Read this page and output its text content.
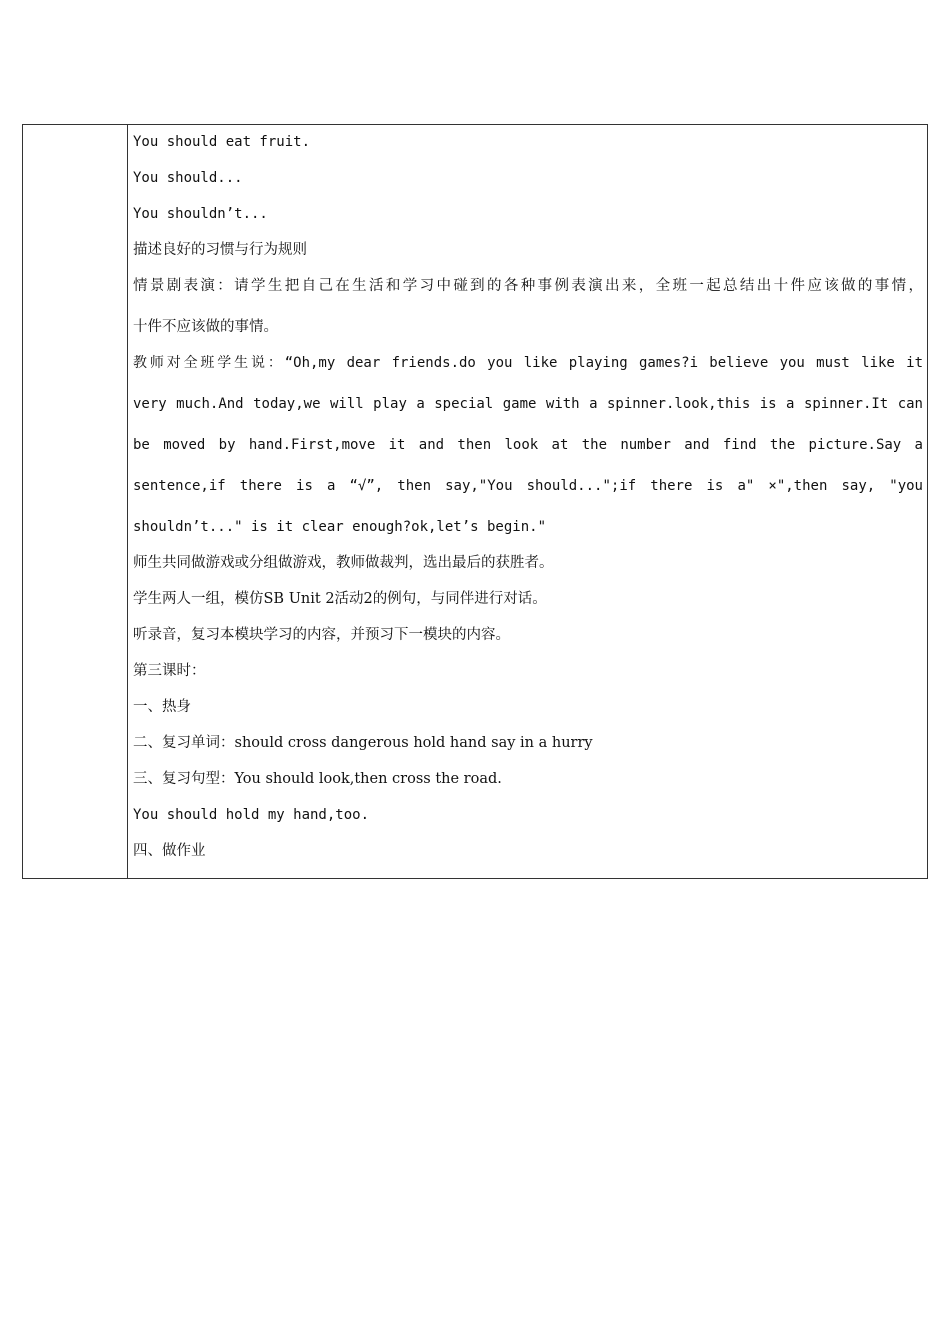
You should eat fruit.
You should...
You shouldn’t...
描述良好的习惯与行为规则
情景剧表演：请学生把自己在生活和学习中碰到的各种事例表演出来，全班一起总结出十件应该做的事情，
十件不应该做的事情。
教师对全班学生说：“Oh,my dear friends.do you like playing games?i believe you must like it
very much.And today,we will play a special game with a spinner.look,this is a spinner.It can
be moved by hand.First,move it and then look at the number and find the picture.Say a
sentence,if there is a “√”, then say,"You should...";if there is a" ×",then say, "you
shouldn’t..." is it clear enough?ok,let’s begin."
师生共同做游戏或分组做游戏，教师做裁判，选出最后的获胜者。
学生两人一组，模仿SB Unit 2活动2的例句，与同伴进行对话。
听录音，复习本模块学习的内容，并预习下一模块的内容。
第三课时：
一、热身
二、复习单词：should cross dangerous hold hand say in a hurry
三、复习句型：You should look,then cross the road.
You should hold my hand,too.
四、做作业
